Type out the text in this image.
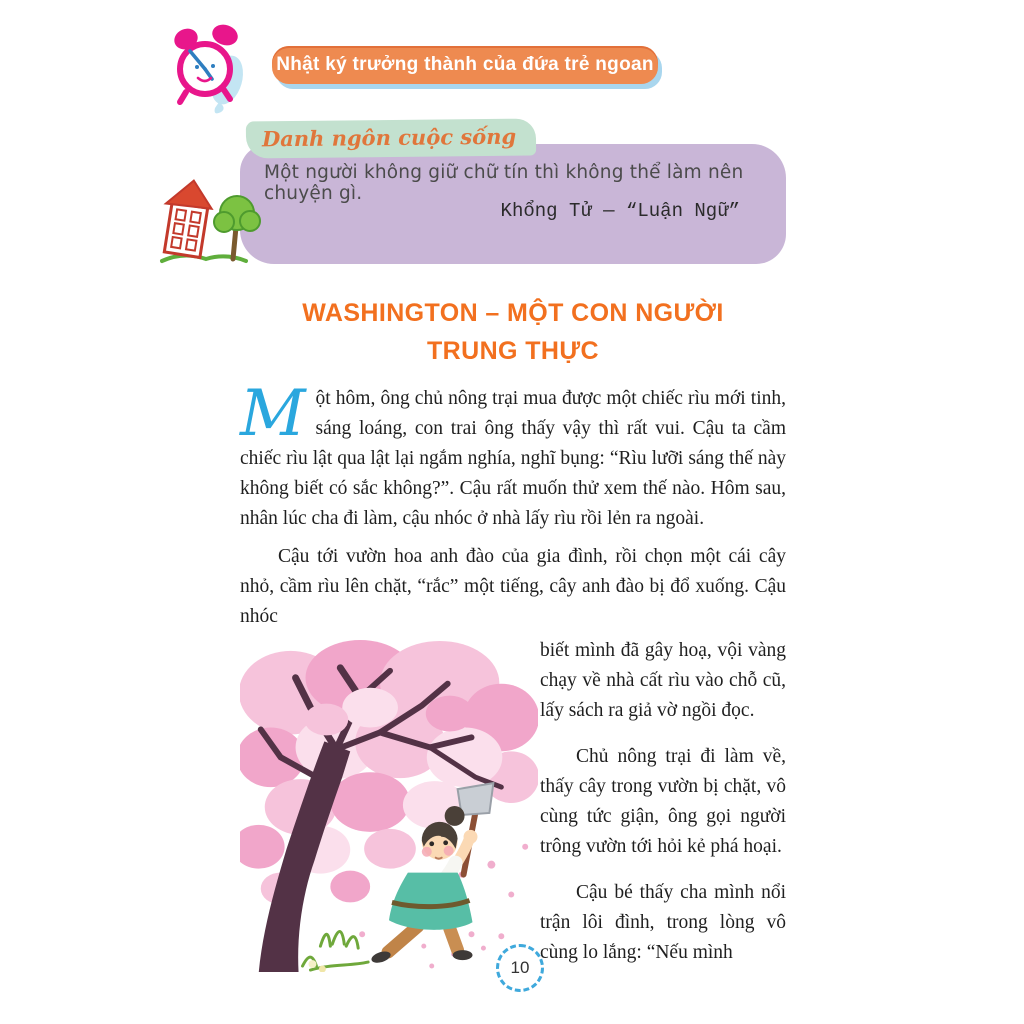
Nhật ký trưởng thành của đứa trẻ ngoan
Danh ngôn cuộc sống
Một người không giữ chữ tín thì không thể làm nên chuyện gì.
Khổng Tử — “Luận Ngữ”
WASHINGTON – MỘT CON NGƯỜI
TRUNG THỰC

Một hôm, ông chủ nông trại mua được một chiếc rìu mới tinh, sáng loáng, con trai ông thấy vậy thì rất vui. Cậu ta cầm chiếc rìu lật qua lật lại ngắm nghía, nghĩ bụng: “Rìu lưỡi sáng thế này không biết có sắc không?”. Cậu rất muốn thử xem thế nào. Hôm sau, nhân lúc cha đi làm, cậu nhóc ở nhà lấy rìu rồi lẻn ra ngoài.

Cậu tới vườn hoa anh đào của gia đình, rồi chọn một cái cây nhỏ, cầm rìu lên chặt, “rắc” một tiếng, cây anh đào bị đổ xuống. Cậu nhóc

biết mình đã gây hoạ, vội vàng chạy về nhà cất rìu vào chỗ cũ, lấy sách ra giả vờ ngồi đọc.

Chủ nông trại đi làm về, thấy cây trong vườn bị chặt, vô cùng tức giận, ông gọi người trông vườn tới hỏi kẻ phá hoại.

Cậu bé thấy cha mình nổi trận lôi đình, trong lòng vô cùng lo lắng: “Nếu mình

10
